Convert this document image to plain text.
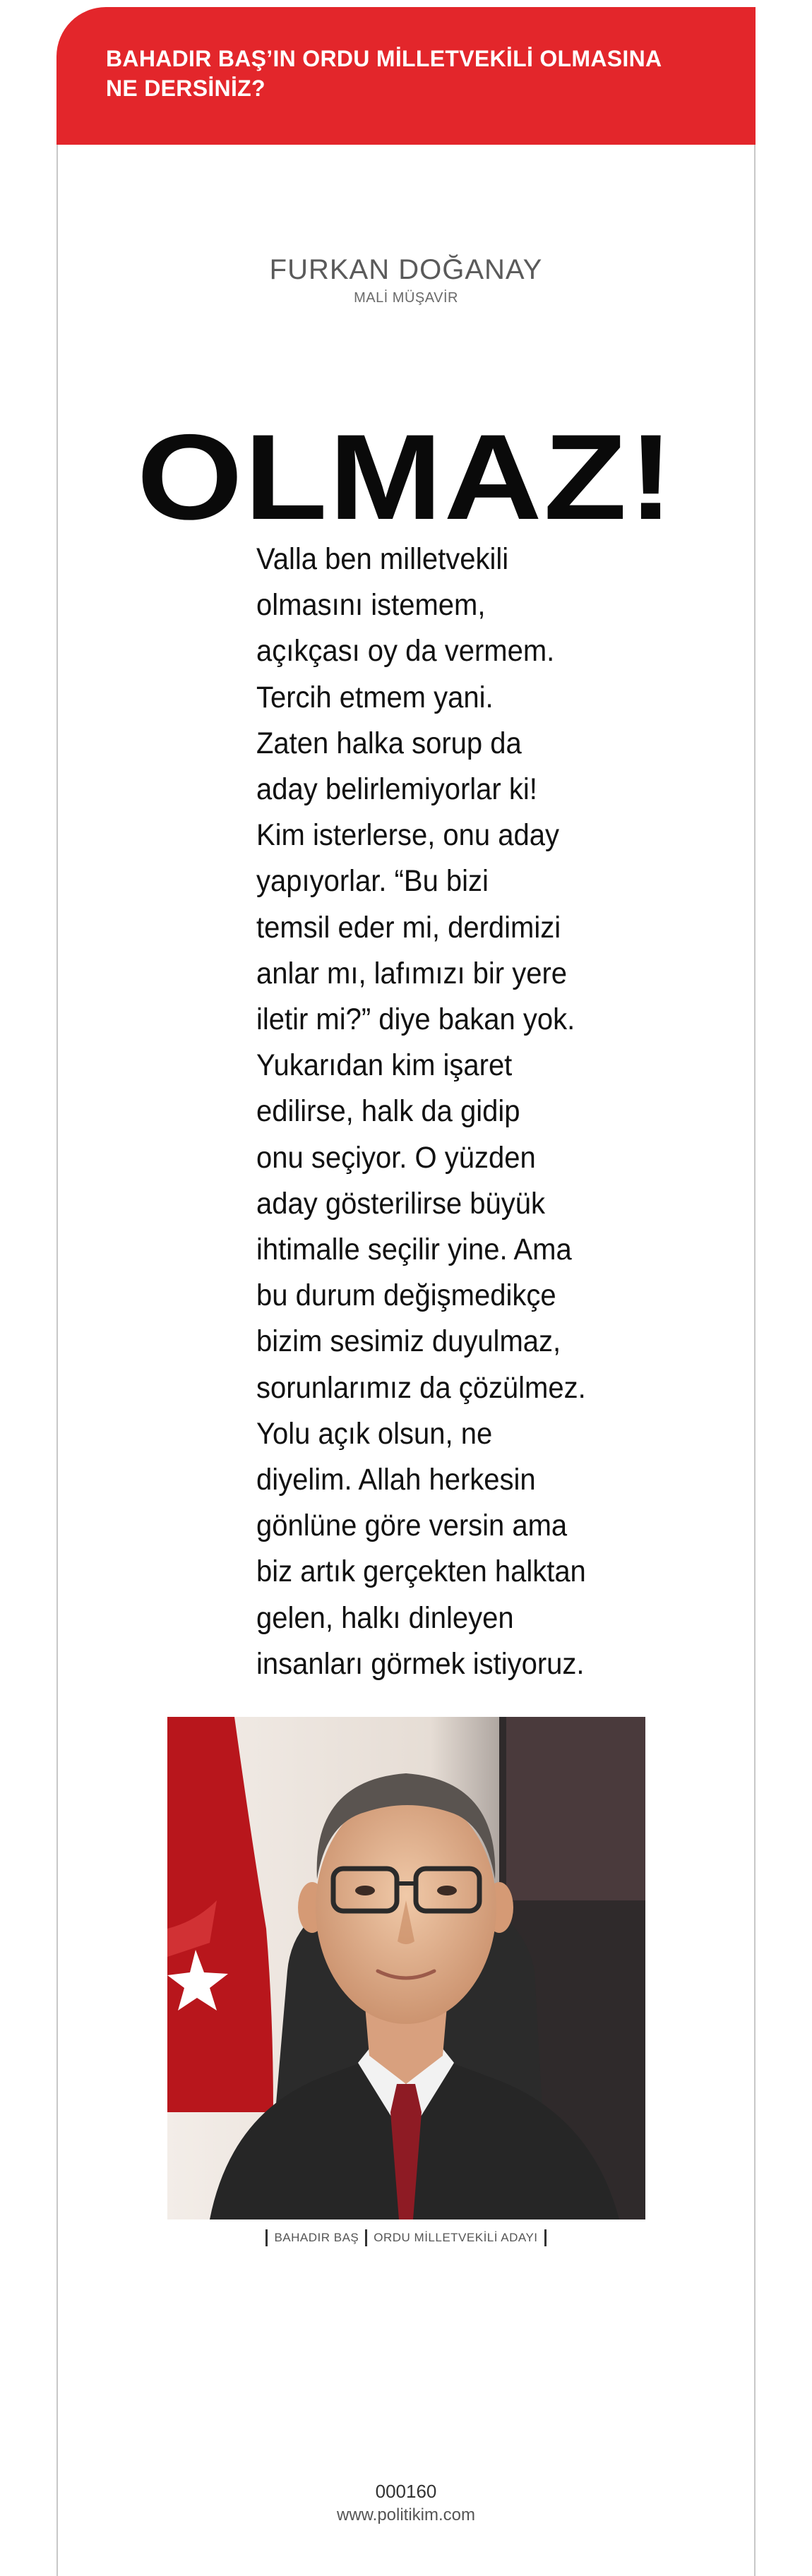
BAHADIR BAŞ’IN ORDU MİLLETVEKİLİ OLMASINA
NE DERSİNİZ?
FURKAN DOĞANAY
MALİ MÜŞAVİR
OLMAZ!
Valla ben milletvekili
olmasını istemem,
açıkçası oy da vermem.
Tercih etmem yani.
Zaten halka sorup da
aday belirlemiyorlar ki!
Kim isterlerse, onu aday
yapıyorlar. “Bu bizi
temsil eder mi, derdimizi
anlar mı, lafımızı bir yere
iletir mi?” diye bakan yok.
Yukarıdan kim işaret
edilirse, halk da gidip
onu seçiyor. O yüzden
aday gösterilirse büyük
ihtimalle seçilir yine. Ama
bu durum değişmedikçe
bizim sesimiz duyulmaz,
sorunlarımız da çözülmez.
Yolu açık olsun, ne
diyelim. Allah herkesin
gönlüne göre versin ama
biz artık gerçekten halktan
gelen, halkı dinleyen
insanları görmek istiyoruz.
BAHADIR BAŞ ORDU MİLLETVEKİLİ ADAYI
000160
www.politikim.com
